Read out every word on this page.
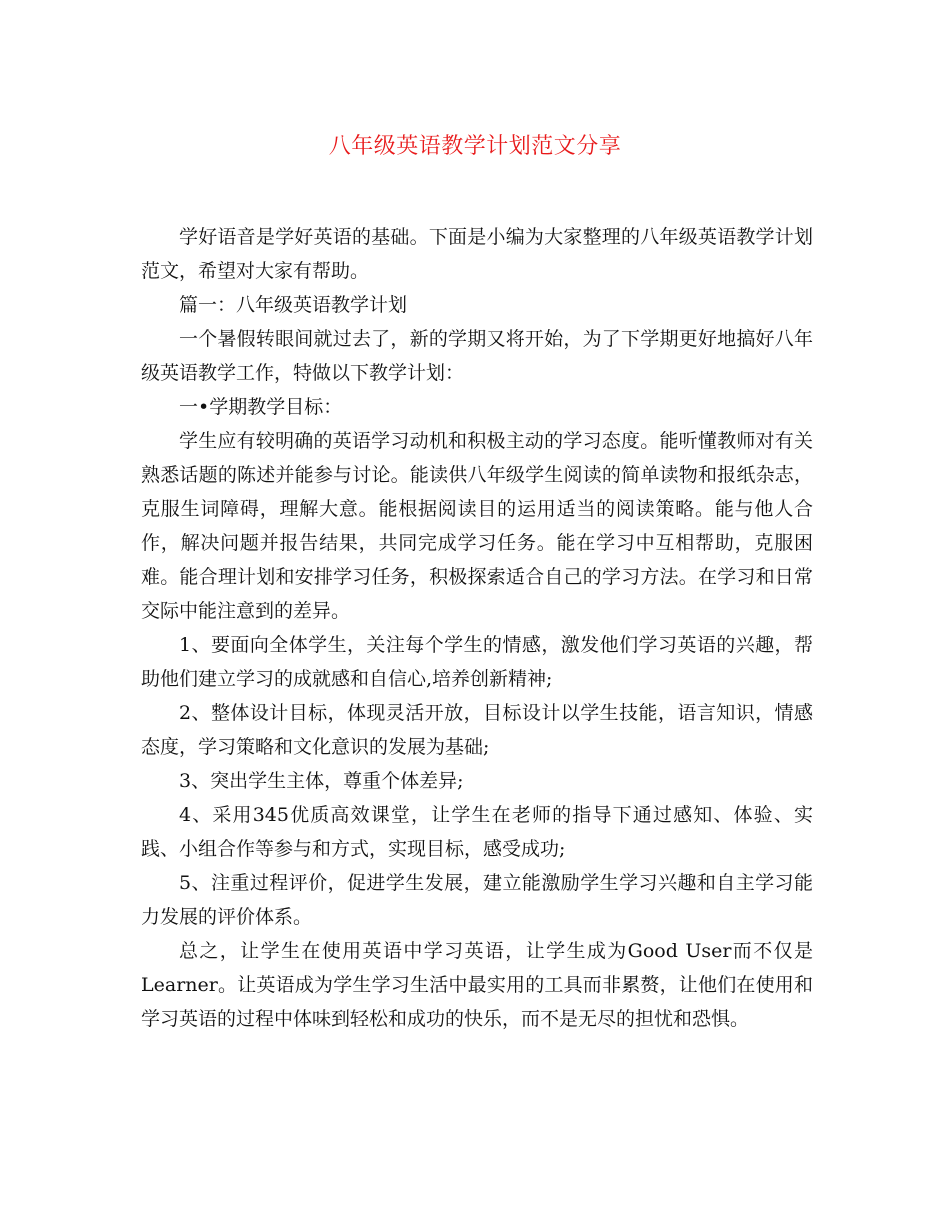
八年级英语教学计划范文分享

学好语音是学好英语的基础。下面是小编为大家整理的八年级英语教学计划范文，希望对大家有帮助。

篇一：八年级英语教学计划

一个暑假转眼间就过去了，新的学期又将开始，为了下学期更好地搞好八年级英语教学工作，特做以下教学计划：

一•学期教学目标：

学生应有较明确的英语学习动机和积极主动的学习态度。能听懂教师对有关熟悉话题的陈述并能参与讨论。能读供八年级学生阅读的简单读物和报纸杂志，克服生词障碍，理解大意。能根据阅读目的运用适当的阅读策略。能与他人合作，解决问题并报告结果，共同完成学习任务。能在学习中互相帮助，克服困难。能合理计划和安排学习任务，积极探索适合自己的学习方法。在学习和日常交际中能注意到的差异。

1、要面向全体学生，关注每个学生的情感，激发他们学习英语的兴趣，帮助他们建立学习的成就感和自信心,培养创新精神;

2、整体设计目标，体现灵活开放，目标设计以学生技能，语言知识，情感态度，学习策略和文化意识的发展为基础;

3、突出学生主体，尊重个体差异;

4、采用345优质高效课堂，让学生在老师的指导下通过感知、体验、实践、小组合作等参与和方式，实现目标，感受成功;

5、注重过程评价，促进学生发展，建立能激励学生学习兴趣和自主学习能力发展的评价体系。

总之，让学生在使用英语中学习英语，让学生成为Good User而不仅是Learner。让英语成为学生学习生活中最实用的工具而非累赘，让他们在使用和学习英语的过程中体味到轻松和成功的快乐，而不是无尽的担忧和恐惧。
